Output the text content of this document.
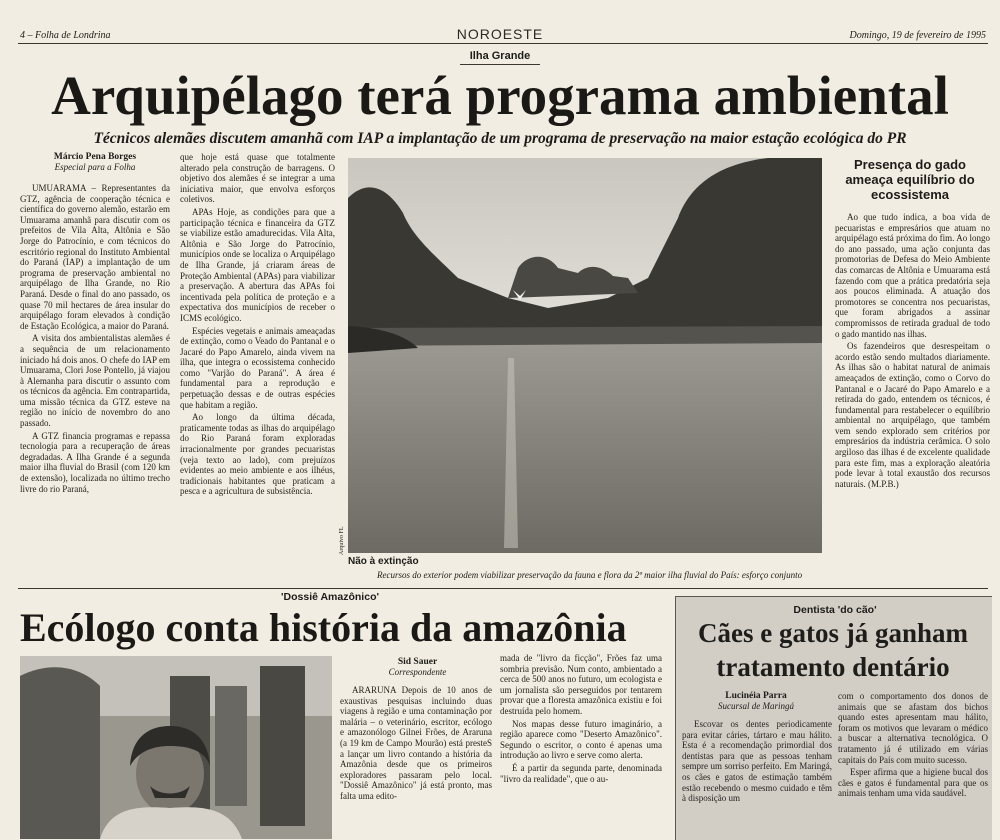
4 – Folha de Londrina	NOROESTE	Domingo, 19 de fevereiro de 1995
Ilha Grande
Arquipélago terá programa ambiental
Técnicos alemães discutem amanhã com IAP a implantação de um programa de preservação na maior estação ecológica do PR
Márcio Pena Borges
Especial para a Folha

UMUARAMA – Representantes da GTZ, agência de cooperação técnica e científica do governo alemão, estarão em Umuarama amanhã para discutir com os prefeitos de Vila Alta, Altônia e São Jorge do Patrocínio, e com técnicos do escritório regional do Instituto Ambiental do Paraná (IAP) a implantação de um programa de preservação ambiental no arquipélago de Ilha Grande, no Rio Paraná. Desde o final do ano passado, os quase 70 mil hectares de área insular do arquipélago foram elevados à condição de Estação Ecológica, a maior do Paraná.

A visita dos ambientalistas alemães é a sequência de um relacionamento iniciado há dois anos. O chefe do IAP em Umuarama, Clori Jose Pontello, já viajou à Alemanha para discutir o assunto com os técnicos da agência. Em contrapartida, uma missão técnica da GTZ esteve na região no início de novembro do ano passado.

A GTZ financia programas e repassa tecnologia para a recuperação de áreas degradadas. A Ilha Grande é a segunda maior ilha fluvial do Brasil (com 120 km de extensão), localizada no último trecho livre do rio Paraná,

que hoje está quase que totalmente alterado pela construção de barragens. O objetivo dos alemães é se integrar a uma iniciativa maior, que envolva esforços coletivos.

APAs Hoje, as condições para que a participação técnica e financeira da GTZ se viabilize estão amadurecidas. Vila Alta, Altônia e São Jorge do Patrocínio, municípios onde se localiza o Arquipélago de Ilha Grande, já criaram áreas de Proteção Ambiental (APAs) para viabilizar a preservação. A abertura das APAs foi incentivada pela política de proteção e a expectativa dos municípios de receber o ICMS ecológico.

Espécies vegetais e animais ameaçadas de extinção, como o Veado do Pantanal e o Jacaré do Papo Amarelo, ainda vivem na ilha, que integra o ecossistema conhecido como "Varjão do Paraná". A área é fundamental para a reprodução e perpetuação dessas e de outras espécies que habitam a região.

Ao longo da última década, praticamente todas as ilhas do arquipélago do Rio Paraná foram exploradas irracionalmente por grandes pecuaristas (veja texto ao lado), com prejuízos evidentes ao meio ambiente e aos ilhéus, tradicionais habitantes que praticam a pesca e a agricultura de subsistência.

Arquivo FL
Não à extinção
Recursos do exterior podem viabilizar preservação da fauna e flora da 2ª maior ilha fluvial do País: esforço conjunto
Presença do gado ameaça equilíbrio do ecossistema

Ao que tudo indica, a boa vida de pecuaristas e empresários que atuam no arquipélago está próxima do fim. Ao longo do ano passado, uma ação conjunta das promotorias de Defesa do Meio Ambiente das comarcas de Altônia e Umuarama está fazendo com que a prática predatória seja aos poucos eliminada. A atuação dos promotores se concentra nos pecuaristas, que foram abrigados a assinar compromissos de retirada gradual de todo o gado mantido nas ilhas.

Os fazendeiros que desrespeitam o acordo estão sendo multados diariamente. As ilhas são o habitat natural de animais ameaçados de extinção, como o Corvo do Pantanal e o Jacaré do Papo Amarelo e a retirada do gado, entendem os técnicos, é fundamental para restabelecer o equilíbrio ambiental no arquipélago, que também vem sendo explorado sem critérios por empresários da indústria cerâmica. O solo argiloso das ilhas é de excelente qualidade para este fim, mas a exploração aleatória pode levar à total exaustão dos recursos naturais. (M.P.B.)

'Dossiê Amazônico'
Ecólogo conta história da amazônia
Sid Sauer
Correspondente

ARARUNA Depois de 10 anos de exaustivas pesquisas incluindo duas viagens à região e uma contaminação por malária – o veterinário, escritor, ecólogo e amazonólogo Gilnei Frões, de Araruna (a 19 km de Campo Mourão) está presteS a lançar um livro contando a história da Amazônia desde que os primeiros exploradores passaram pelo local. "Dossiê Amazônico" já está pronto, mas falta uma edito-

mada de "livro da ficção", Frões faz uma sombria previsão. Num conto, ambientado a cerca de 500 anos no futuro, um ecologista e um jornalista são perseguidos por tentarem provar que a floresta amazônica existiu e foi destruída pelo homem.

Nos mapas desse futuro imaginário, a região aparece como "Deserto Amazônico". Segundo o escritor, o conto é apenas uma introdução ao livro e serve como alerta.

É a partir da segunda parte, denominada "livro da realidade", que o au-

Dentista 'do cão'
Cães e gatos já ganham tratamento dentário
Lucinéia Parra
Sucursal de Maringá

Escovar os dentes periodicamente para evitar cáries, tártaro e mau hálito. Esta é a recomendação primordial dos dentistas para que as pessoas tenham sempre um sorriso perfeito. Em Maringá, os cães e gatos de estimação também estão recebendo o mesmo cuidado e têm à disposição um

com o comportamento dos donos de animais que se afastam dos bichos quando estes apresentam mau hálito, foram os motivos que levaram o médico a buscar a alternativa tecnológica. O tratamento já é utilizado em várias capitais do País com muito sucesso.

Esper afirma que a higiene bucal dos cães e gatos é fundamental para que os animais tenham uma vida saudável.
